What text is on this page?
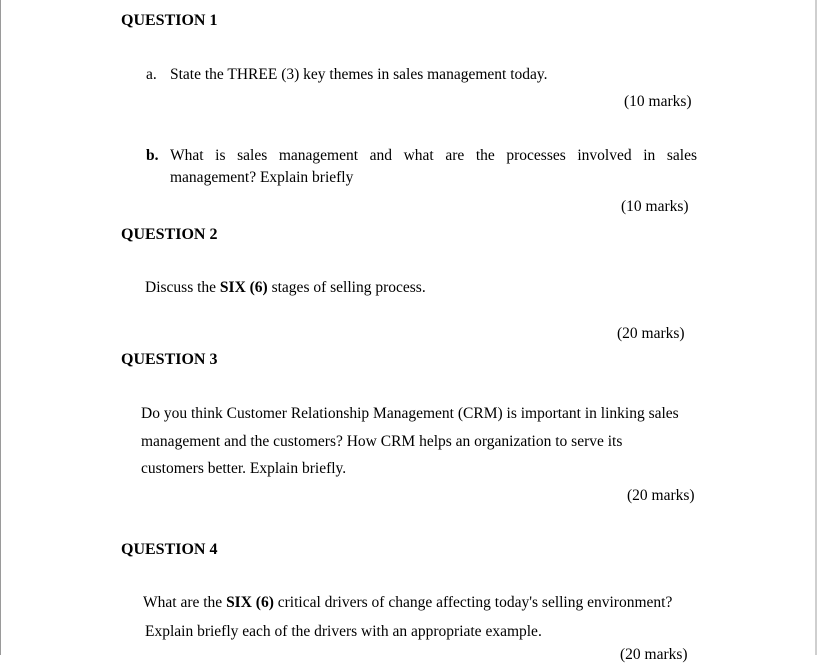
QUESTION 1
a. State the THREE (3) key themes in sales management today.
(10 marks)
b. What is sales management and what are the processes involved in sales
management? Explain briefly
(10 marks)
QUESTION 2
Discuss the SIX (6) stages of selling process.
(20 marks)
QUESTION 3
Do you think Customer Relationship Management (CRM) is important in linking sales
management and the customers? How CRM helps an organization to serve its
customers better. Explain briefly.
(20 marks)
QUESTION 4
What are the SIX (6) critical drivers of change affecting today's selling environment?
Explain briefly each of the drivers with an appropriate example.
(20 marks)
